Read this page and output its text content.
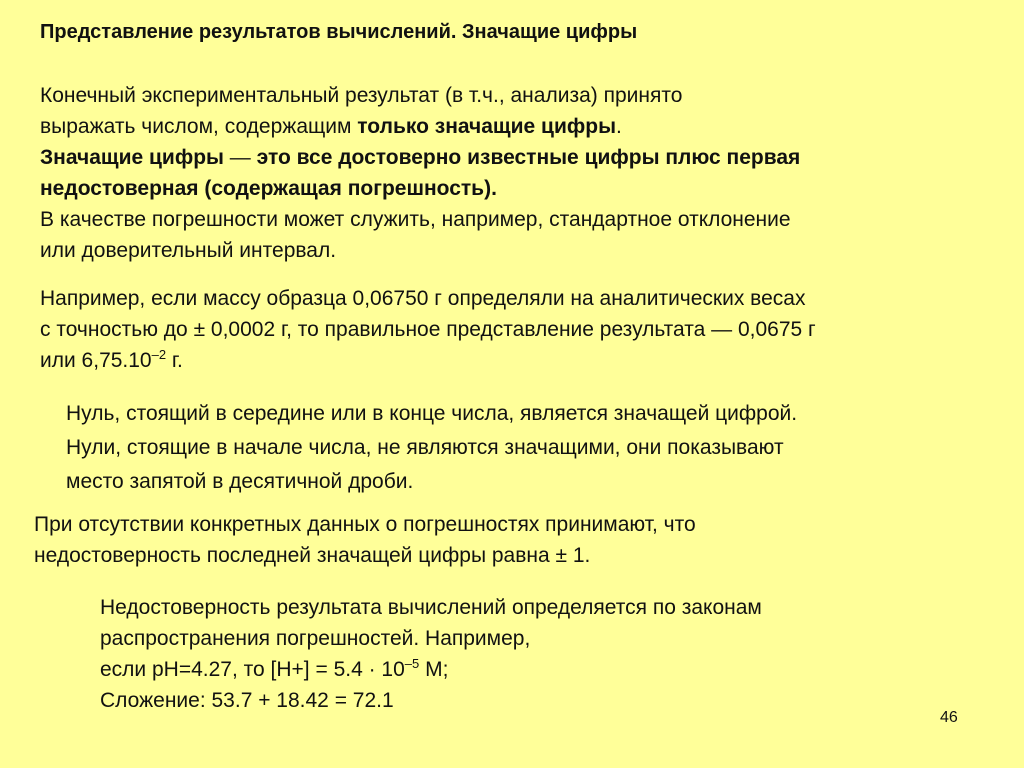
Представление результатов вычислений. Значащие цифры
Конечный экспериментальный результат (в т.ч., анализа) принято
выражать числом, содержащим только значащие цифры.
Значащие цифры — это все достоверно известные цифры плюс первая
недостоверная (содержащая погрешность).
В качестве погрешности может служить, например, стандартное отклонение
или доверительный интервал.
Например, если массу образца 0,06750 г определяли на аналитических весах
с точностью до ± 0,0002 г, то правильное представление результата — 0,0675 г
или $6,75.10^{-2}$ г.
Нуль, стоящий в середине или в конце числа, является значащей цифрой.
Нули, стоящие в начале числа, не являются значащими, они показывают
место запятой в десятичной дроби.
При отсутствии конкретных данных о погрешностях принимают, что
недостоверность последней значащей цифры равна ± 1.
Недостоверность результата вычислений определяется по законам
распространения погрешностей. Например,
если pH=4.27, то $[H+] = 5.4 \cdot 10^{-5}$ M;
Сложение: 53.7 + 18.42 = 72.1
46
